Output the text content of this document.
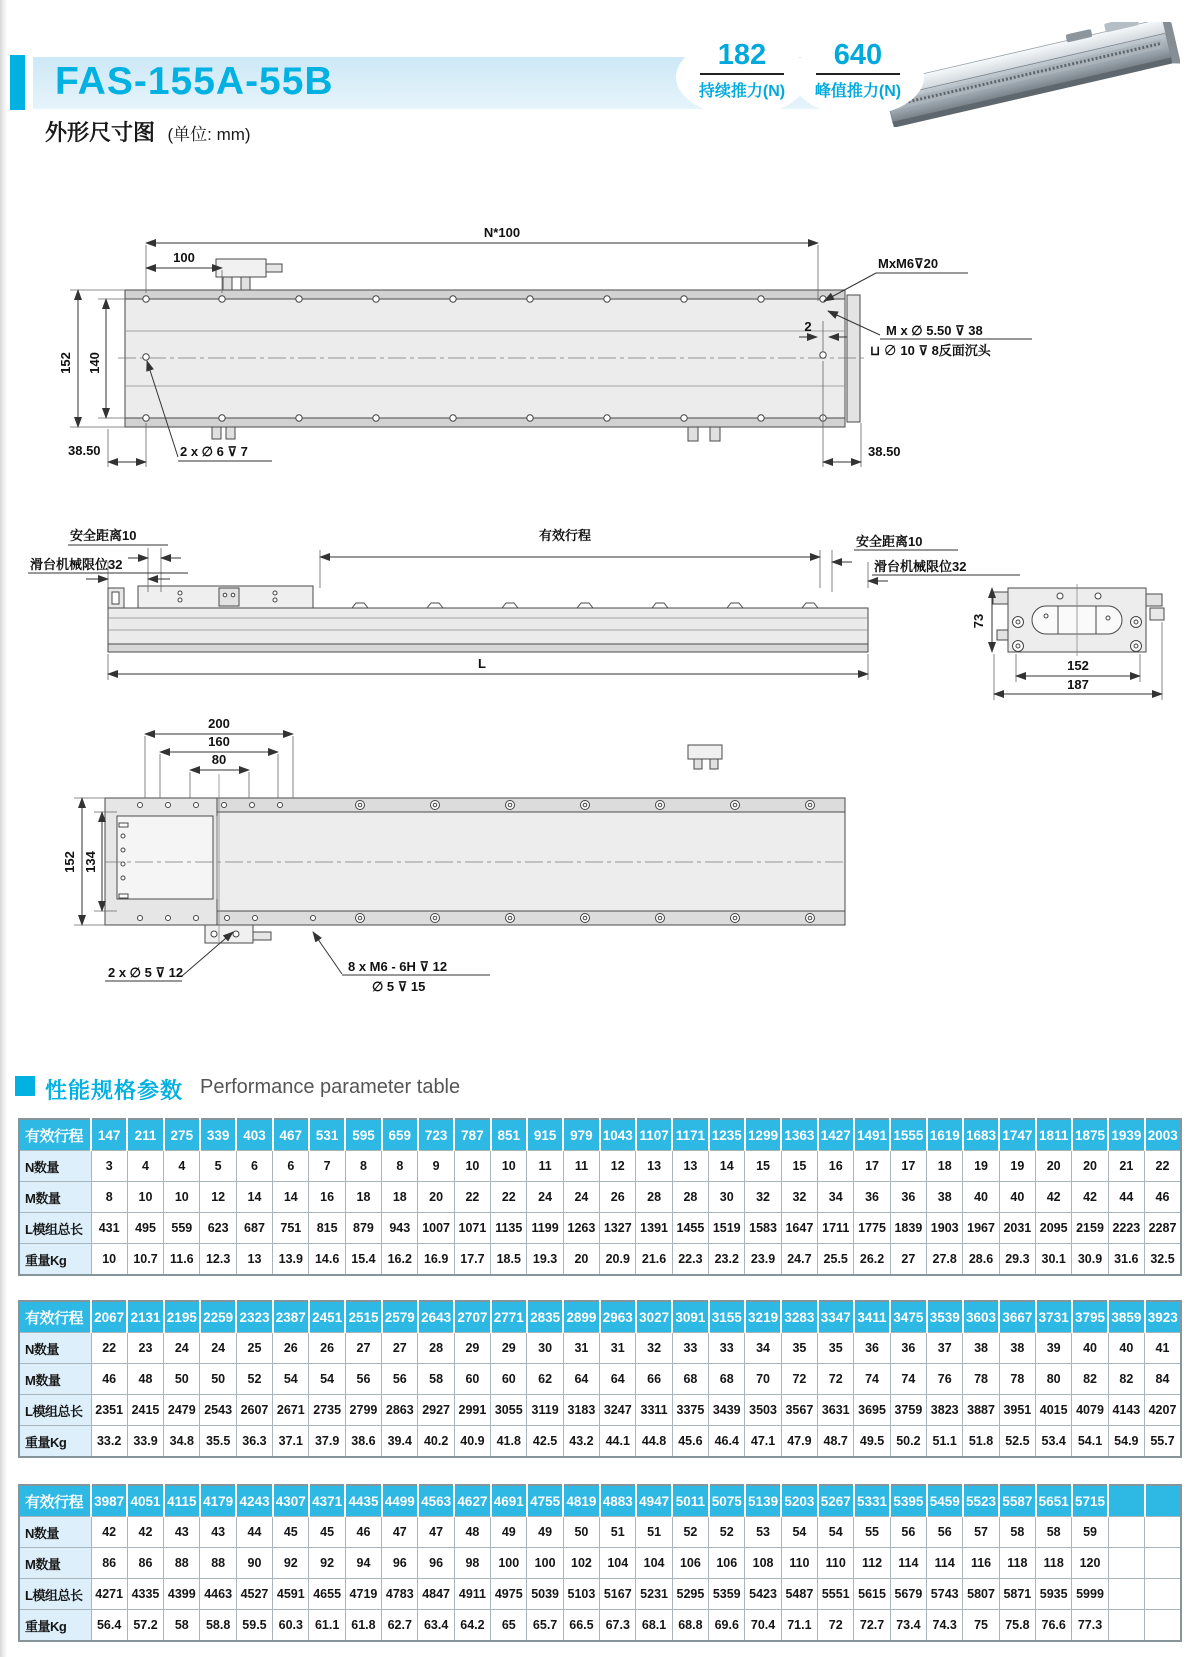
FAS-155A-55B
182
持续推力(N)
640
峰值推力(N)
外形尺寸图 (单位: mm)
N*100
100
152 140
38.50	38.50
2
MxM6⊽20
M x ∅ 5.50 ⊽ 38
⊔ ∅ 10 ⊽ 8反面沉头
2 x ∅ 6 ⊽ 7
安全距离10
滑台机械限位32
有效行程	安全距离10
滑台机械限位32
L
73
152
187
200
160
80
152 134
2 x ∅ 5 ⊽ 12	8 x M6 - 6H ⊽ 12
∅ 5 ⊽ 15
性能规格参数 Performance parameter table
有效行程	147	211	275	339	403	467	531	595	659	723	787	851	915	979	1043	1107	1171	1235	1299	1363	1427	1491	1555	1619	1683	1747	1811	1875	1939	2003
N数量	3	4	4	5	6	6	7	8	8	9	10	10	11	11	12	13	13	14	15	15	16	17	17	18	19	19	20	20	21	22
M数量	8	10	10	12	14	14	16	18	18	20	22	22	24	24	26	28	28	30	32	32	34	36	36	38	40	40	42	42	44	46
L模组总长	431	495	559	623	687	751	815	879	943	1007	1071	1135	1199	1263	1327	1391	1455	1519	1583	1647	1711	1775	1839	1903	1967	2031	2095	2159	2223	2287
重量Kg	10	10.7	11.6	12.3	13	13.9	14.6	15.4	16.2	16.9	17.7	18.5	19.3	20	20.9	21.6	22.3	23.2	23.9	24.7	25.5	26.2	27	27.8	28.6	29.3	30.1	30.9	31.6	32.5
有效行程	2067	2131	2195	2259	2323	2387	2451	2515	2579	2643	2707	2771	2835	2899	2963	3027	3091	3155	3219	3283	3347	3411	3475	3539	3603	3667	3731	3795	3859	3923
N数量	22	23	24	24	25	26	26	27	27	28	29	29	30	31	31	32	33	33	34	35	35	36	36	37	38	38	39	40	40	41
M数量	46	48	50	50	52	54	54	56	56	58	60	60	62	64	64	66	68	68	70	72	72	74	74	76	78	78	80	82	82	84
L模组总长	2351	2415	2479	2543	2607	2671	2735	2799	2863	2927	2991	3055	3119	3183	3247	3311	3375	3439	3503	3567	3631	3695	3759	3823	3887	3951	4015	4079	4143	4207
重量Kg	33.2	33.9	34.8	35.5	36.3	37.1	37.9	38.6	39.4	40.2	40.9	41.8	42.5	43.2	44.1	44.8	45.6	46.4	47.1	47.9	48.7	49.5	50.2	51.1	51.8	52.5	53.4	54.1	54.9	55.7
有效行程	3987	4051	4115	4179	4243	4307	4371	4435	4499	4563	4627	4691	4755	4819	4883	4947	5011	5075	5139	5203	5267	5331	5395	5459	5523	5587	5651	5715		
N数量	42	42	43	43	44	45	45	46	47	47	48	49	49	50	51	51	52	52	53	54	54	55	56	56	57	58	58	59		
M数量	86	86	88	88	90	92	92	94	96	96	98	100	100	102	104	104	106	106	108	110	110	112	114	114	116	118	118	120		
L模组总长	4271	4335	4399	4463	4527	4591	4655	4719	4783	4847	4911	4975	5039	5103	5167	5231	5295	5359	5423	5487	5551	5615	5679	5743	5807	5871	5935	5999		
重量Kg	56.4	57.2	58	58.8	59.5	60.3	61.1	61.8	62.7	63.4	64.2	65	65.7	66.5	67.3	68.1	68.8	69.6	70.4	71.1	72	72.7	73.4	74.3	75	75.8	76.6	77.3		
